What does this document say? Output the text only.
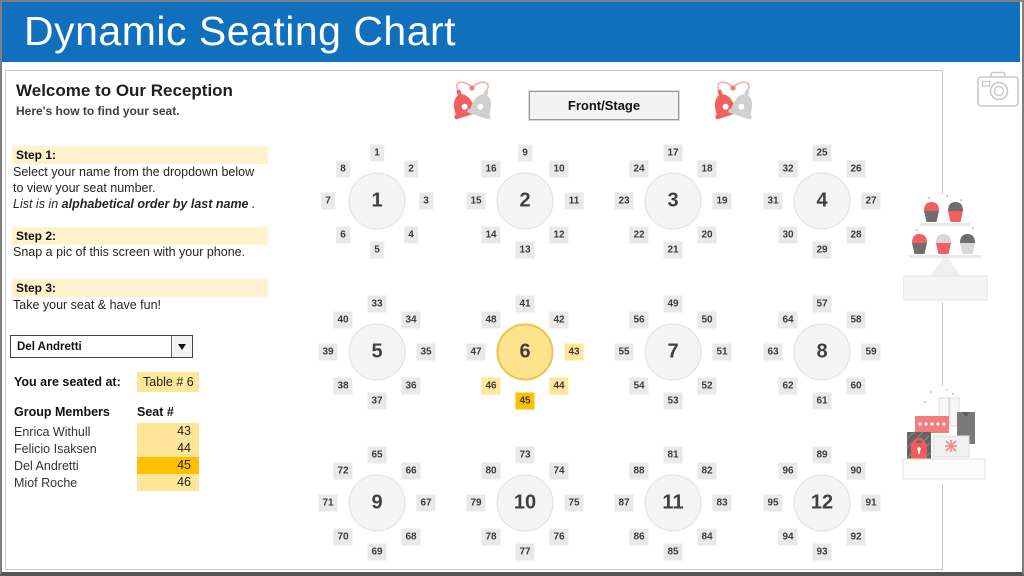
Dynamic Seating Chart
Welcome to Our Reception
Here's how to find your seat.
Step 1:
Select your name from the dropdown below
to view your seat number.
List is in alphabetical order by last name .
Step 2:
Snap a pic of this screen with your phone.
Step 3:
Take your seat & have fun!
Del Andretti
You are seated at:	Table # 6
Group Members Seat #
Enrica Withull	43
Felicio Isaksen	44
Del Andretti	45
Miof Roche	46
Front/Stage
1
1
2
3
4
5
6
7
8
2
9
10
11
12
13
14
15
16
3
17
18
19
20
21
22
23
24
4
25
26
27
28
29
30
31
32
5
33
34
35
36
37
38
39
40
6
41
42
43
44
45
46
47
48
7
49
50
51
52
53
54
55
56
8
57
58
59
60
61
62
63
64
9
65
66
67
68
69
70
71
72
10
73
74
75
76
77
78
79
80
11
81
82
83
84
85
86
87
88
12
89
90
91
92
93
94
95
96
